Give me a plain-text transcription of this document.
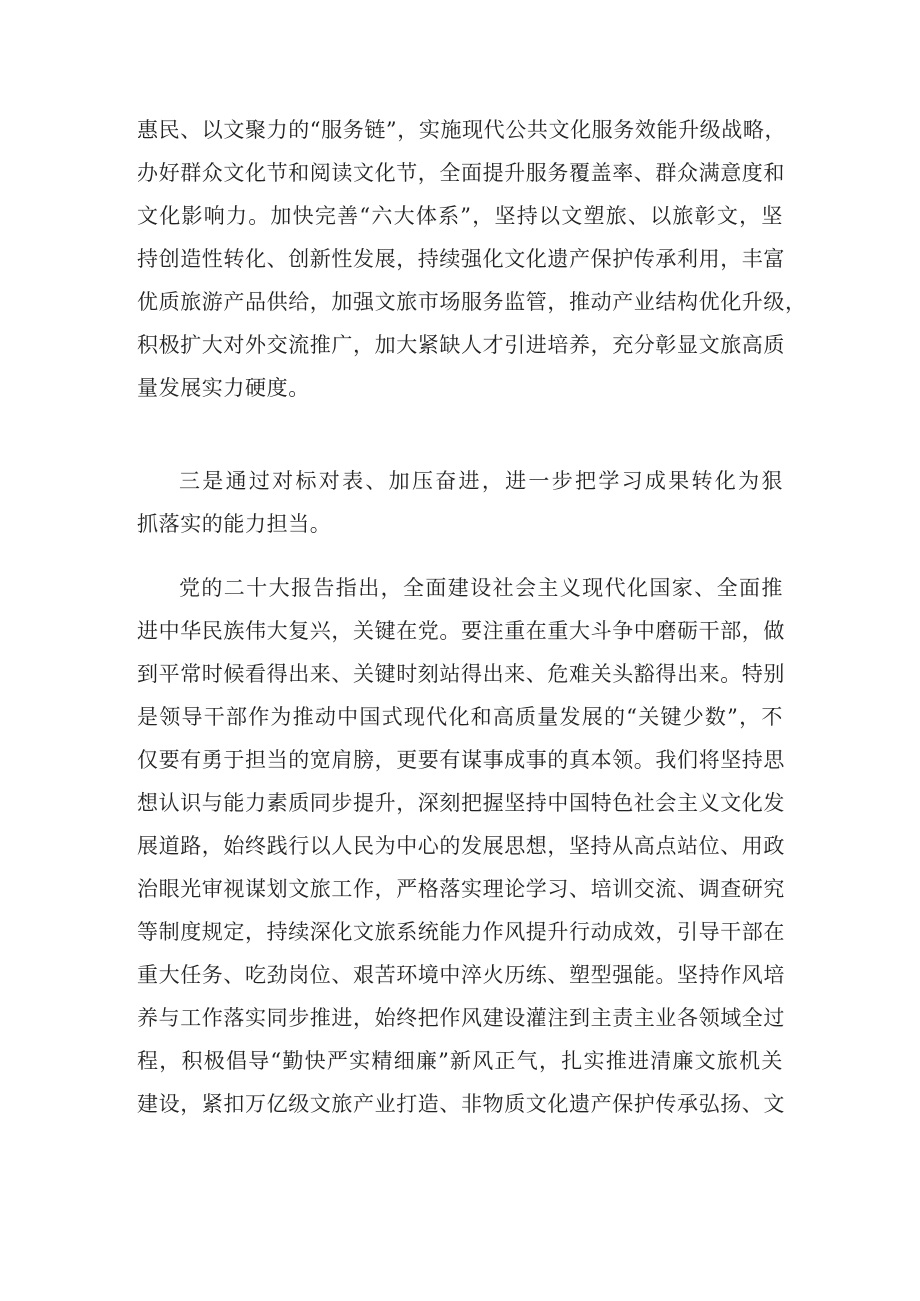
惠民、以文聚力的“服务链”，实施现代公共文化服务效能升级战略，
办好群众文化节和阅读文化节，全面提升服务覆盖率、群众满意度和
文化影响力。加快完善“六大体系”，坚持以文塑旅、以旅彰文，坚
持创造性转化、创新性发展，持续强化文化遗产保护传承利用，丰富
优质旅游产品供给，加强文旅市场服务监管，推动产业结构优化升级，
积极扩大对外交流推广，加大紧缺人才引进培养，充分彰显文旅高质
量发展实力硬度。
三是通过对标对表、加压奋进，进一步把学习成果转化为狠
抓落实的能力担当。
党的二十大报告指出，全面建设社会主义现代化国家、全面推
进中华民族伟大复兴，关键在党。要注重在重大斗争中磨砺干部，做
到平常时候看得出来、关键时刻站得出来、危难关头豁得出来。特别
是领导干部作为推动中国式现代化和高质量发展的“关键少数”，不
仅要有勇于担当的宽肩膀，更要有谋事成事的真本领。我们将坚持思
想认识与能力素质同步提升，深刻把握坚持中国特色社会主义文化发
展道路，始终践行以人民为中心的发展思想，坚持从高点站位、用政
治眼光审视谋划文旅工作，严格落实理论学习、培训交流、调查研究
等制度规定，持续深化文旅系统能力作风提升行动成效，引导干部在
重大任务、吃劲岗位、艰苦环境中淬火历练、塑型强能。坚持作风培
养与工作落实同步推进，始终把作风建设灌注到主责主业各领域全过
程，积极倡导“勤快严实精细廉”新风正气，扎实推进清廉文旅机关
建设，紧扣万亿级文旅产业打造、非物质文化遗产保护传承弘扬、文
